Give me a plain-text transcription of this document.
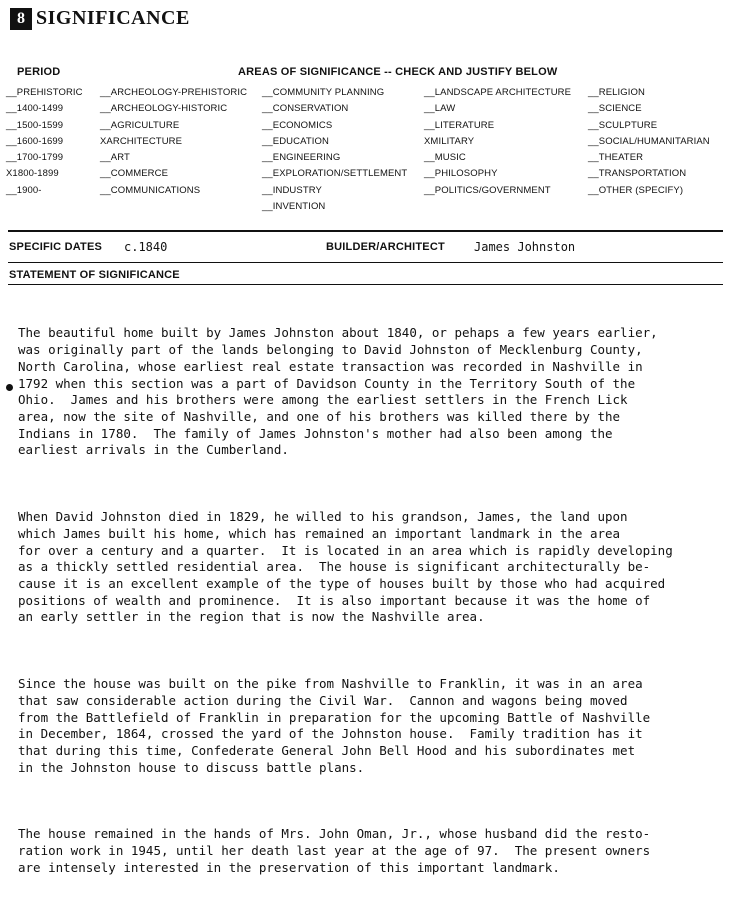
8 SIGNIFICANCE
PERIOD	AREAS OF SIGNIFICANCE -- CHECK AND JUSTIFY BELOW
__PREHISTORIC
__1400-1499
__1500-1599
__1600-1699
__1700-1799
X1800-1899
__1900-
__ARCHEOLOGY-PREHISTORIC
__ARCHEOLOGY-HISTORIC
__AGRICULTURE
XARCHITECTURE
__ART
__COMMERCE
__COMMUNICATIONS
__COMMUNITY PLANNING
__CONSERVATION
__ECONOMICS
__EDUCATION
__ENGINEERING
__EXPLORATION/SETTLEMENT
__INDUSTRY
__INVENTION
__LANDSCAPE ARCHITECTURE
__LAW
__LITERATURE
XMILITARY
__MUSIC
__PHILOSOPHY
__POLITICS/GOVERNMENT
__RELIGION
__SCIENCE
__SCULPTURE
__SOCIAL/HUMANITARIAN
__THEATER
__TRANSPORTATION
__OTHER (SPECIFY)
SPECIFIC DATES c.1840	BUILDER/ARCHITECT James Johnston
STATEMENT OF SIGNIFICANCE

The beautiful home built by James Johnston about 1840, or pehaps a few years earlier,
was originally part of the lands belonging to David Johnston of Mecklenburg County,
North Carolina, whose earliest real estate transaction was recorded in Nashville in
1792 when this section was a part of Davidson County in the Territory South of the
Ohio.  James and his brothers were among the earliest settlers in the French Lick
area, now the site of Nashville, and one of his brothers was killed there by the
Indians in 1780.  The family of James Johnston's mother had also been among the
earliest arrivals in the Cumberland.

When David Johnston died in 1829, he willed to his grandson, James, the land upon
which James built his home, which has remained an important landmark in the area
for over a century and a quarter.  It is located in an area which is rapidly developing
as a thickly settled residential area.  The house is significant architecturally be-
cause it is an excellent example of the type of houses built by those who had acquired
positions of wealth and prominence.  It is also important because it was the home of
an early settler in the region that is now the Nashville area.

Since the house was built on the pike from Nashville to Franklin, it was in an area
that saw considerable action during the Civil War.  Cannon and wagons being moved
from the Battlefield of Franklin in preparation for the upcoming Battle of Nashville
in December, 1864, crossed the yard of the Johnston house.  Family tradition has it
that during this time, Confederate General John Bell Hood and his subordinates met
in the Johnston house to discuss battle plans.

The house remained in the hands of Mrs. John Oman, Jr., whose husband did the resto-
ration work in 1945, until her death last year at the age of 97.  The present owners
are intensely interested in the preservation of this important landmark.
